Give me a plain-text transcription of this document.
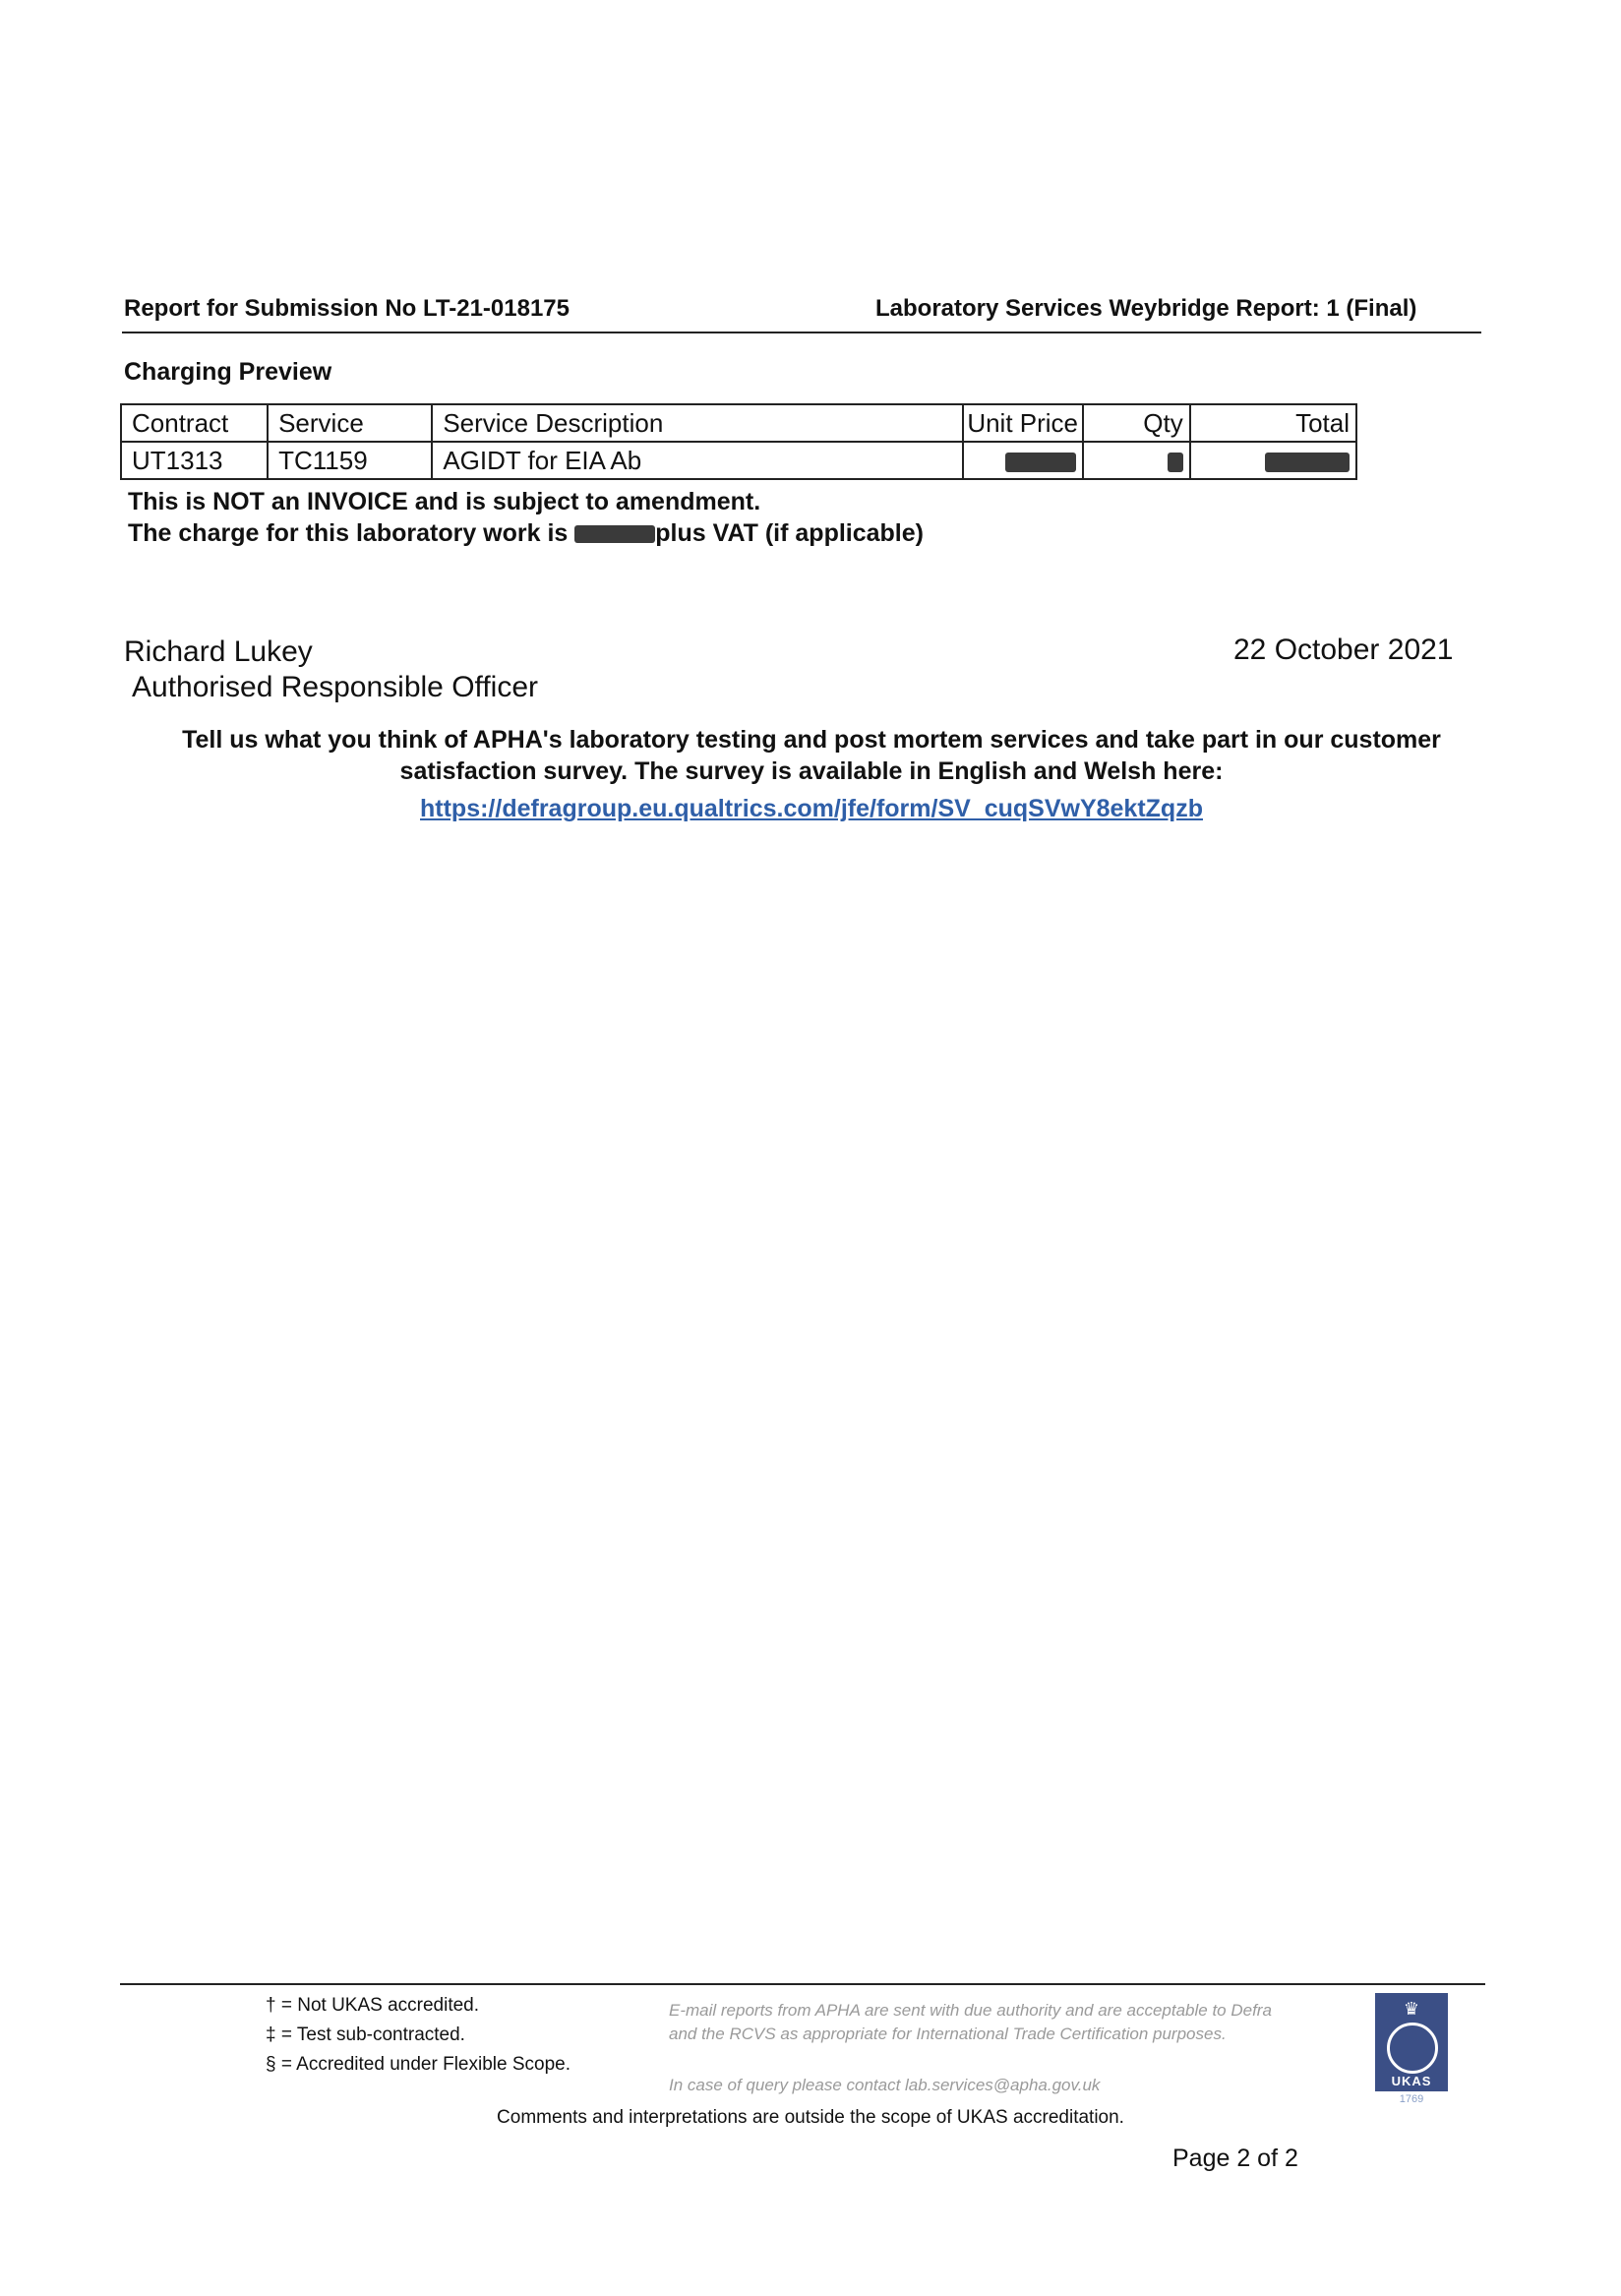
Report for Submission No LT-21-018175	Laboratory Services Weybridge Report: 1 (Final)
Charging Preview
Contract	Service	Service Description	Unit Price	Qty	Total
UT1313	TC1159	AGIDT for EIA Ab			
This is NOT an INVOICE and is subject to amendment.
The charge for this laboratory work is	plus VAT (if applicable)
Richard Lukey
Authorised Responsible Officer
22 October 2021
Tell us what you think of APHA's laboratory testing and post mortem services and take part in our customer
satisfaction survey. The survey is available in English and Welsh here:
https://defragroup.eu.qualtrics.com/jfe/form/SV_cuqSVwY8ektZqzb
† = Not UKAS accredited.
‡ = Test sub-contracted.
§ = Accredited under Flexible Scope.
E-mail reports from APHA are sent with due authority and are acceptable to Defra and the RCVS as appropriate for International Trade Certification purposes.
In case of query please contact lab.services@apha.gov.uk
♛
UKAS
1769
Comments and interpretations are outside the scope of UKAS accreditation.
Page 2 of 2
